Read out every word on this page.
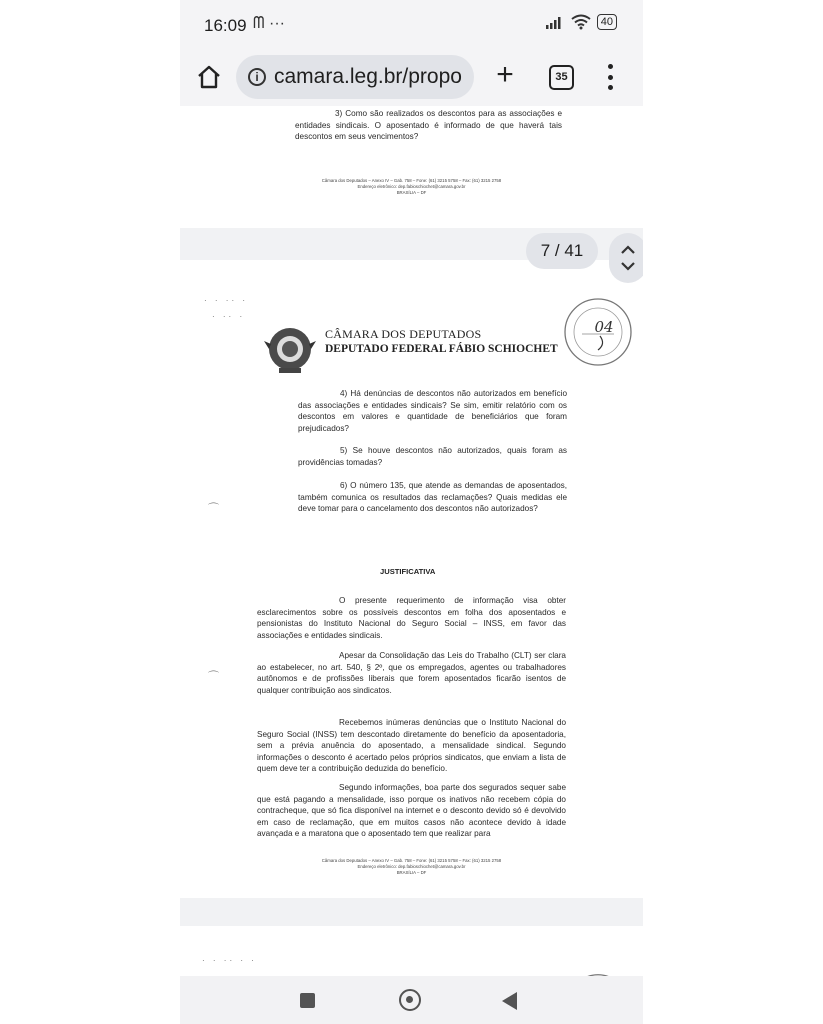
16:09 ᗰ ···	40
i camara.leg.br/propo +	35
3) Como são realizados os descontos para as associações e entidades sindicais. O aposentado é informado de que haverá tais descontos em seus vencimentos?
Câmara dos Deputados – Anexo IV – Gab. 758 – Fone: (61) 3215 5758 – Fax: (61) 3215 2758
Endereço eletrônico: dep.fabioschiochet@camara.gov.br
BRASÍLIA – DF
· · ·· ·
· ·· ·
CÂMARA DOS DEPUTADOS
DEPUTADO FEDERAL FÁBIO SCHIOCHET
04
4) Há denúncias de descontos não autorizados em benefício das associações e entidades sindicais? Se sim, emitir relatório com os descontos em valores e quantidade de beneficiários que foram prejudicados?
5) Se houve descontos não autorizados, quais foram as providências tomadas?
6) O número 135, que atende as demandas de aposentados, também comunica os resultados das reclamações? Quais medidas ele deve tomar para o cancelamento dos descontos não autorizados?
⌒
⌒
JUSTIFICATIVA
O presente requerimento de informação visa obter esclarecimentos sobre os possíveis descontos em folha dos aposentados e pensionistas do Instituto Nacional do Seguro Social – INSS, em favor das associações e entidades sindicais.
Apesar da Consolidação das Leis do Trabalho (CLT) ser clara ao estabelecer, no art. 540, § 2º, que os empregados, agentes ou trabalhadores autônomos e de profissões liberais que forem aposentados ficarão isentos de qualquer contribuição aos sindicatos.
Recebemos inúmeras denúncias que o Instituto Nacional do Seguro Social (INSS) tem descontado diretamente do benefício da aposentadoria, sem a prévia anuência do aposentado, a mensalidade sindical. Segundo informações o desconto é acertado pelos próprios sindicatos, que enviam a lista de quem deve ter a contribuição deduzida do benefício.
Segundo informações, boa parte dos segurados sequer sabe que está pagando a mensalidade, isso porque os inativos não recebem cópia do contracheque, que só fica disponível na internet e o desconto devido só é devolvido em caso de reclamação, que em muitos casos não acontece devido à idade avançada e a maratona que o aposentado tem que realizar para
Câmara dos Deputados – Anexo IV – Gab. 758 – Fone: (61) 3215 5758 – Fax: (61) 3215 2758
Endereço eletrônico: dep.fabioschiochet@camara.gov.br
BRASÍLIA – DF
· · ·· · ·
7 / 41
